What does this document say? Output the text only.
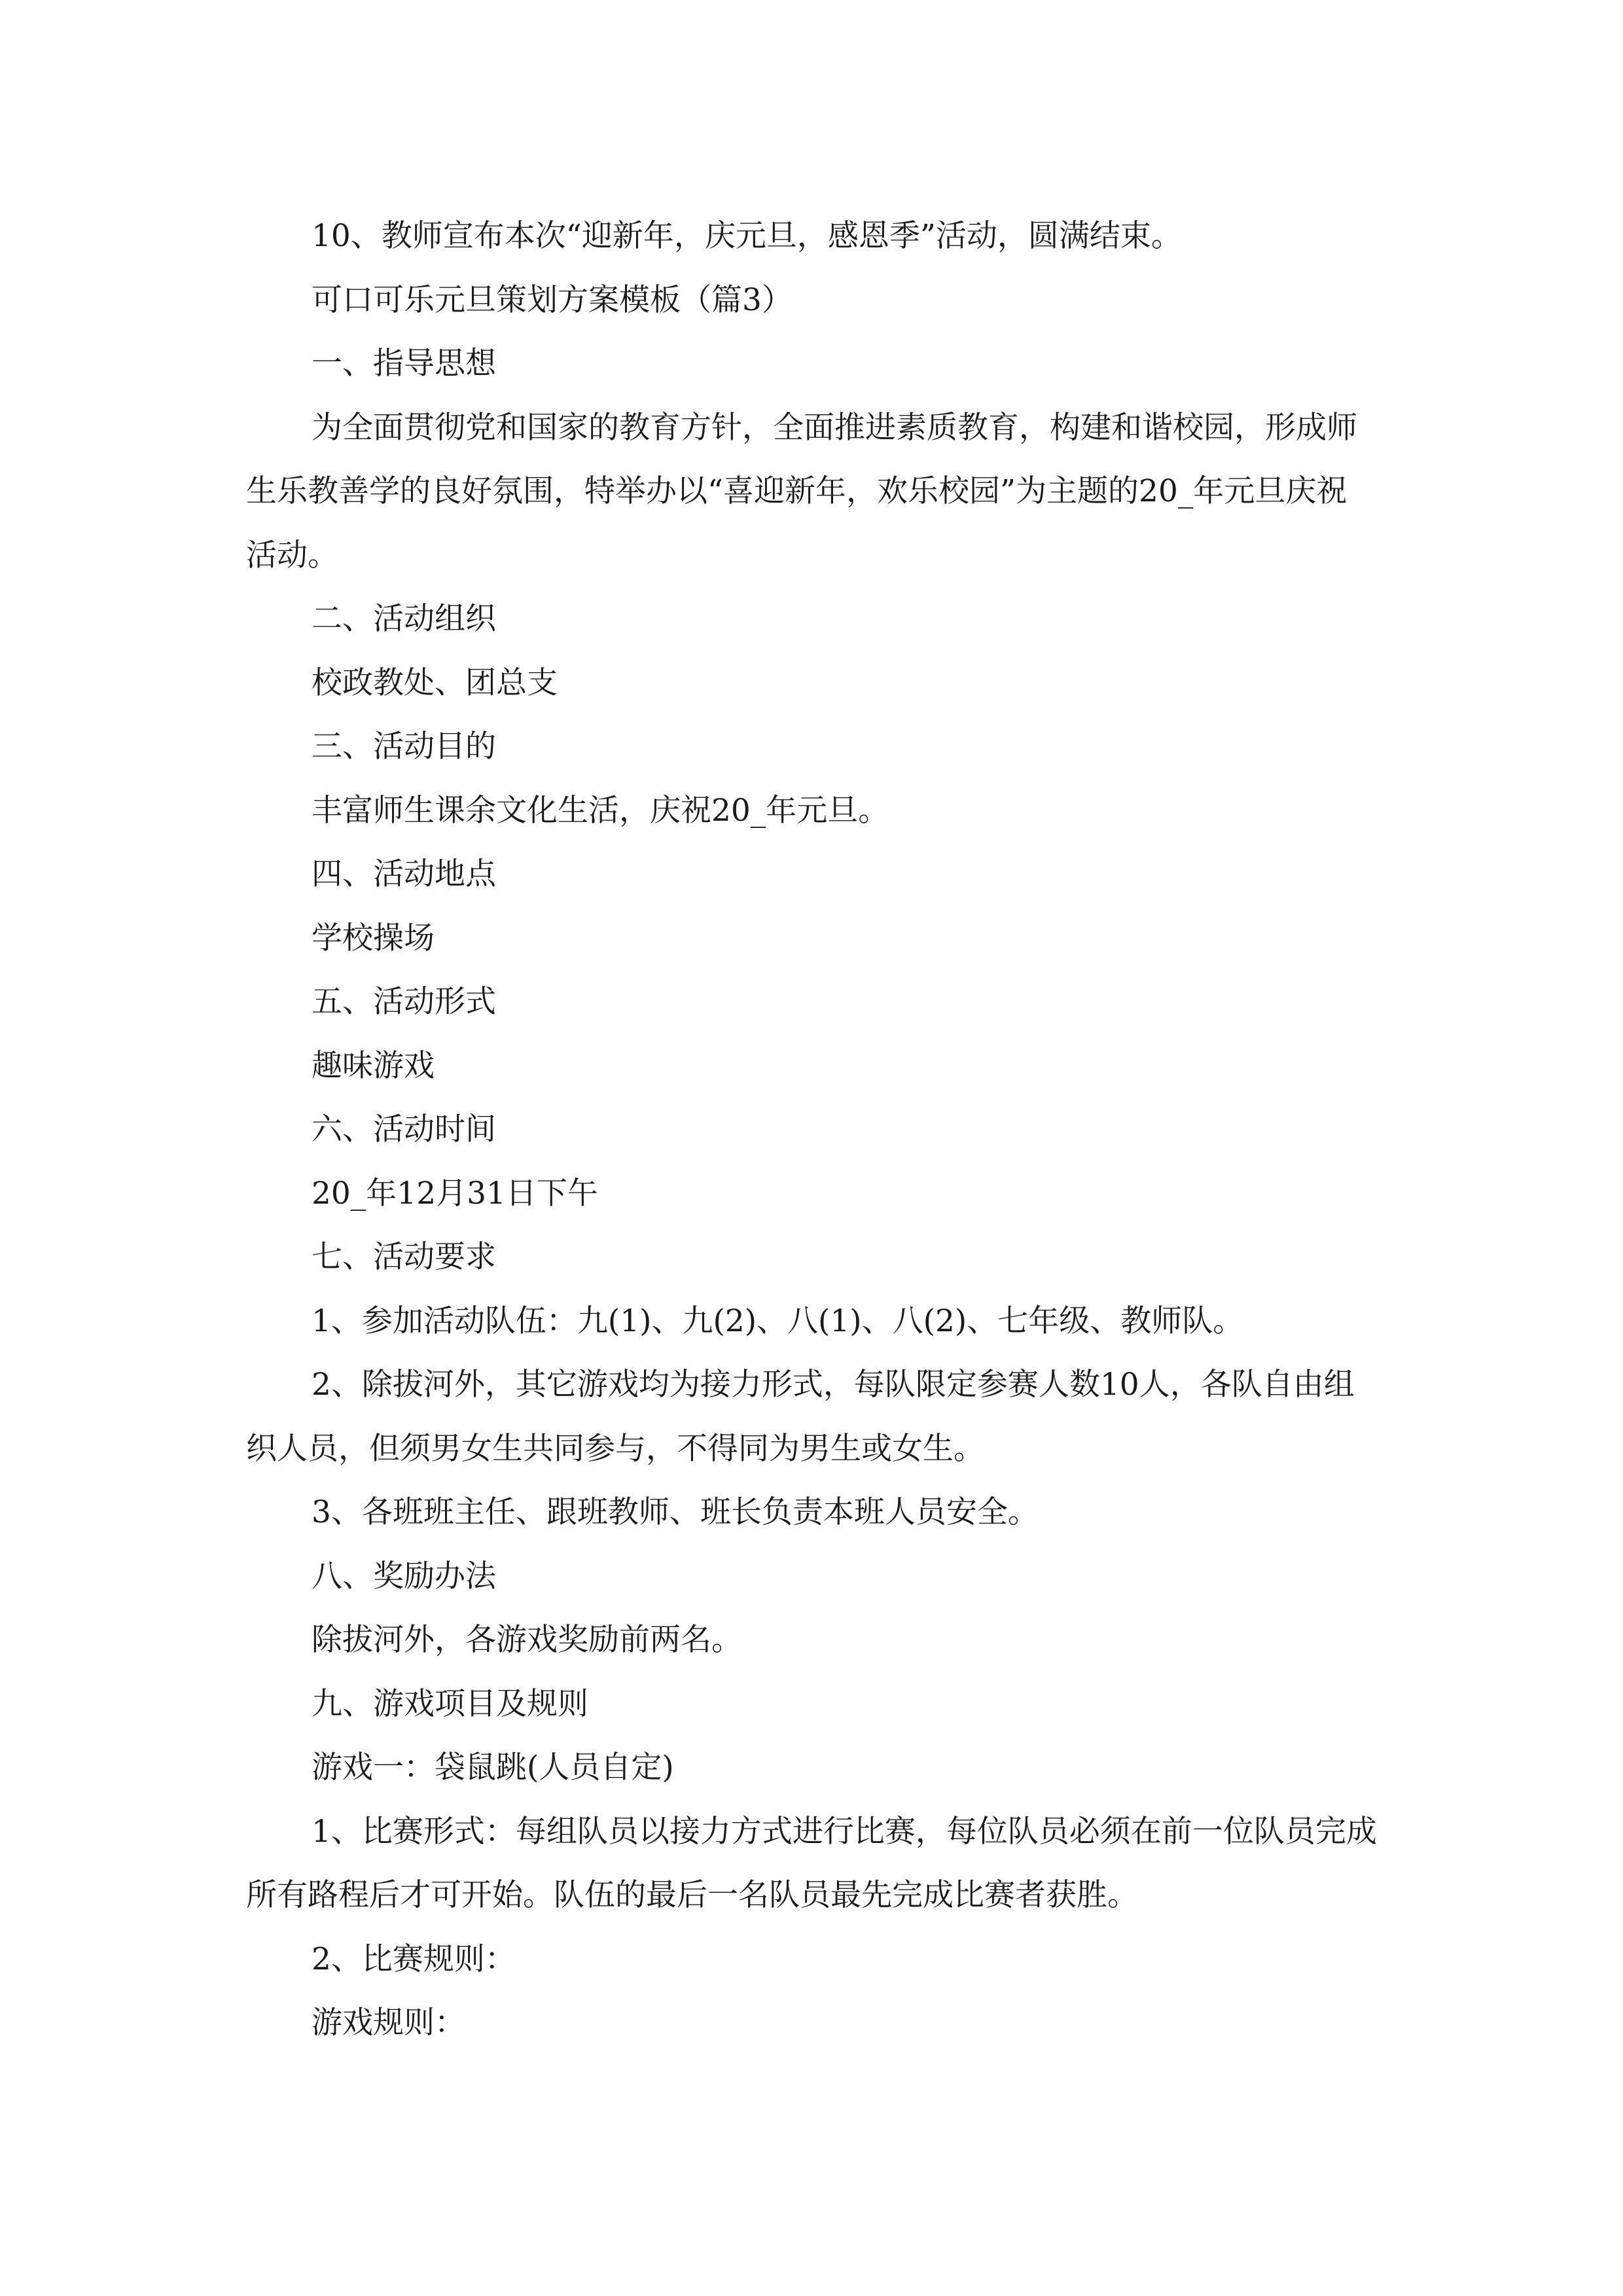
10、教师宣布本次“迎新年，庆元旦，感恩季”活动，圆满结束。

可口可乐元旦策划方案模板（篇3）

一、指导思想

为全面贯彻党和国家的教育方针，全面推进素质教育，构建和谐校园，形成师生乐教善学的良好氛围，特举办以“喜迎新年，欢乐校园”为主题的20_年元旦庆祝活动。

二、活动组织

校政教处、团总支

三、活动目的

丰富师生课余文化生活，庆祝20_年元旦。

四、活动地点

学校操场

五、活动形式

趣味游戏

六、活动时间

20_年12月31日下午

七、活动要求

1、参加活动队伍：九(1)、九(2)、八(1)、八(2)、七年级、教师队。

2、除拔河外，其它游戏均为接力形式，每队限定参赛人数10人，各队自由组织人员，但须男女生共同参与，不得同为男生或女生。

3、各班班主任、跟班教师、班长负责本班人员安全。

八、奖励办法

除拔河外，各游戏奖励前两名。

九、游戏项目及规则

游戏一：袋鼠跳(人员自定)

1、比赛形式：每组队员以接力方式进行比赛，每位队员必须在前一位队员完成所有路程后才可开始。队伍的最后一名队员最先完成比赛者获胜。

2、比赛规则：

游戏规则：
